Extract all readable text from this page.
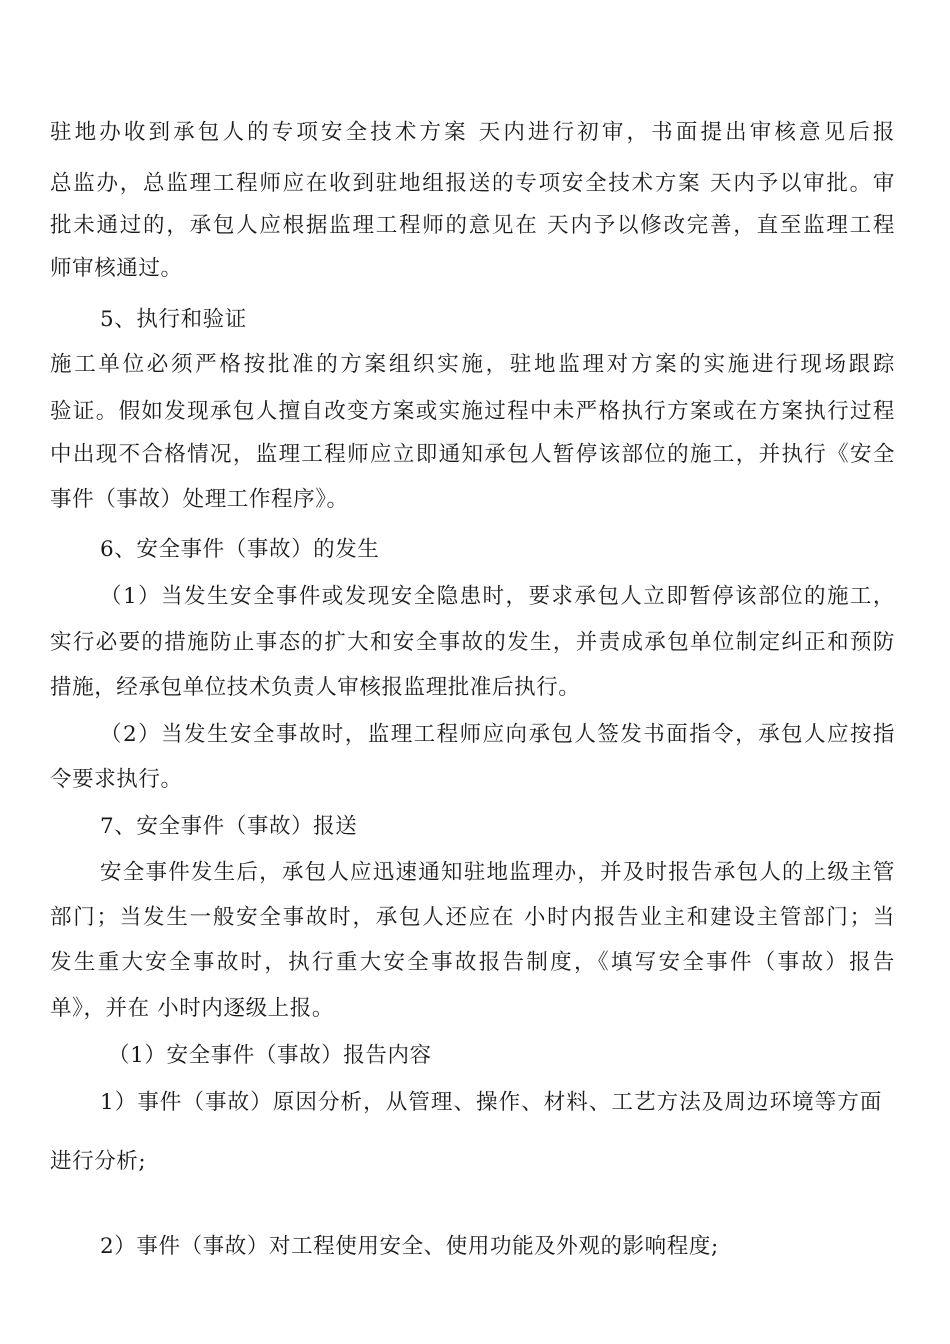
驻地办收到承包人的专项安全技术方案 天内进行初审，书面提出审核意见后报
总监办，总监理工程师应在收到驻地组报送的专项安全技术方案 天内予以审批。审
批未通过的，承包人应根据监理工程师的意见在 天内予以修改完善，直至监理工程
师审核通过。
5、执行和验证
施工单位必须严格按批准的方案组织实施，驻地监理对方案的实施进行现场跟踪
验证。假如发现承包人擅自改变方案或实施过程中未严格执行方案或在方案执行过程
中出现不合格情况，监理工程师应立即通知承包人暂停该部位的施工，并执行《安全
事件（事故）处理工作程序》。
6、安全事件（事故）的发生
（1）当发生安全事件或发现安全隐患时，要求承包人立即暂停该部位的施工，
实行必要的措施防止事态的扩大和安全事故的发生，并责成承包单位制定纠正和预防
措施，经承包单位技术负责人审核报监理批准后执行。
（2）当发生安全事故时，监理工程师应向承包人签发书面指令，承包人应按指
令要求执行。
7、安全事件（事故）报送
安全事件发生后，承包人应迅速通知驻地监理办，并及时报告承包人的上级主管
部门；当发生一般安全事故时，承包人还应在 小时内报告业主和建设主管部门；当
发生重大安全事故时，执行重大安全事故报告制度，《填写安全事件（事故）报告
单》，并在 小时内逐级上报。
（1）安全事件（事故）报告内容
1）事件（事故）原因分析，从管理、操作、材料、工艺方法及周边环境等方面
进行分析;
2）事件（事故）对工程使用安全、使用功能及外观的影响程度;
